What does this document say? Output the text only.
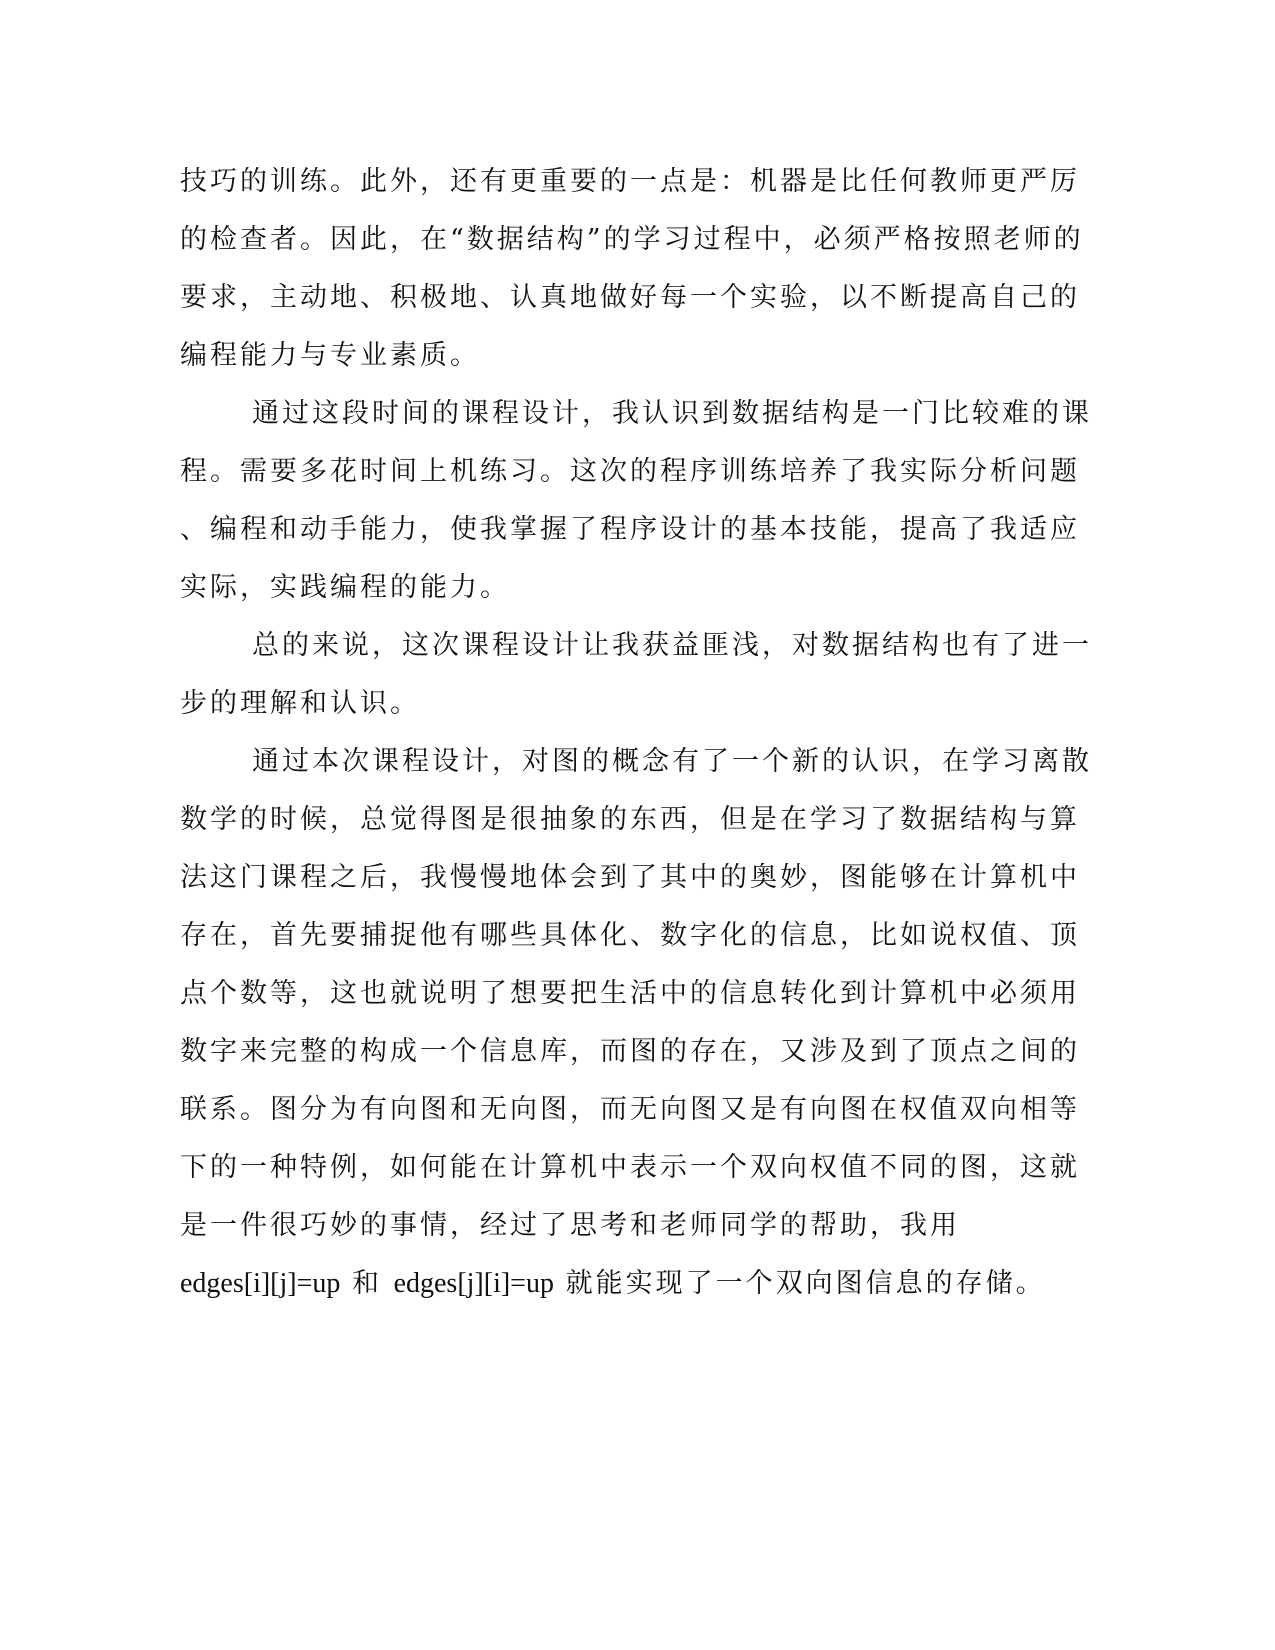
技巧的训练。此外，还有更重要的一点是：机器是比任何教师更严厉
的检查者。因此，在“数据结构”的学习过程中，必须严格按照老师的
要求，主动地、积极地、认真地做好每一个实验，以不断提高自己的
编程能力与专业素质。
通过这段时间的课程设计，我认识到数据结构是一门比较难的课
程。需要多花时间上机练习。这次的程序训练培养了我实际分析问题
、编程和动手能力，使我掌握了程序设计的基本技能，提高了我适应
实际，实践编程的能力。
总的来说，这次课程设计让我获益匪浅，对数据结构也有了进一
步的理解和认识。
通过本次课程设计，对图的概念有了一个新的认识，在学习离散
数学的时候，总觉得图是很抽象的东西，但是在学习了数据结构与算
法这门课程之后，我慢慢地体会到了其中的奥妙，图能够在计算机中
存在，首先要捕捉他有哪些具体化、数字化的信息，比如说权值、顶
点个数等，这也就说明了想要把生活中的信息转化到计算机中必须用
数字来完整的构成一个信息库，而图的存在，又涉及到了顶点之间的
联系。图分为有向图和无向图，而无向图又是有向图在权值双向相等
下的一种特例，如何能在计算机中表示一个双向权值不同的图，这就
是一件很巧妙的事情，经过了思考和老师同学的帮助，我用
edges[i][j]=up 和 edges[j][i]=up 就能实现了一个双向图信息的存储。
